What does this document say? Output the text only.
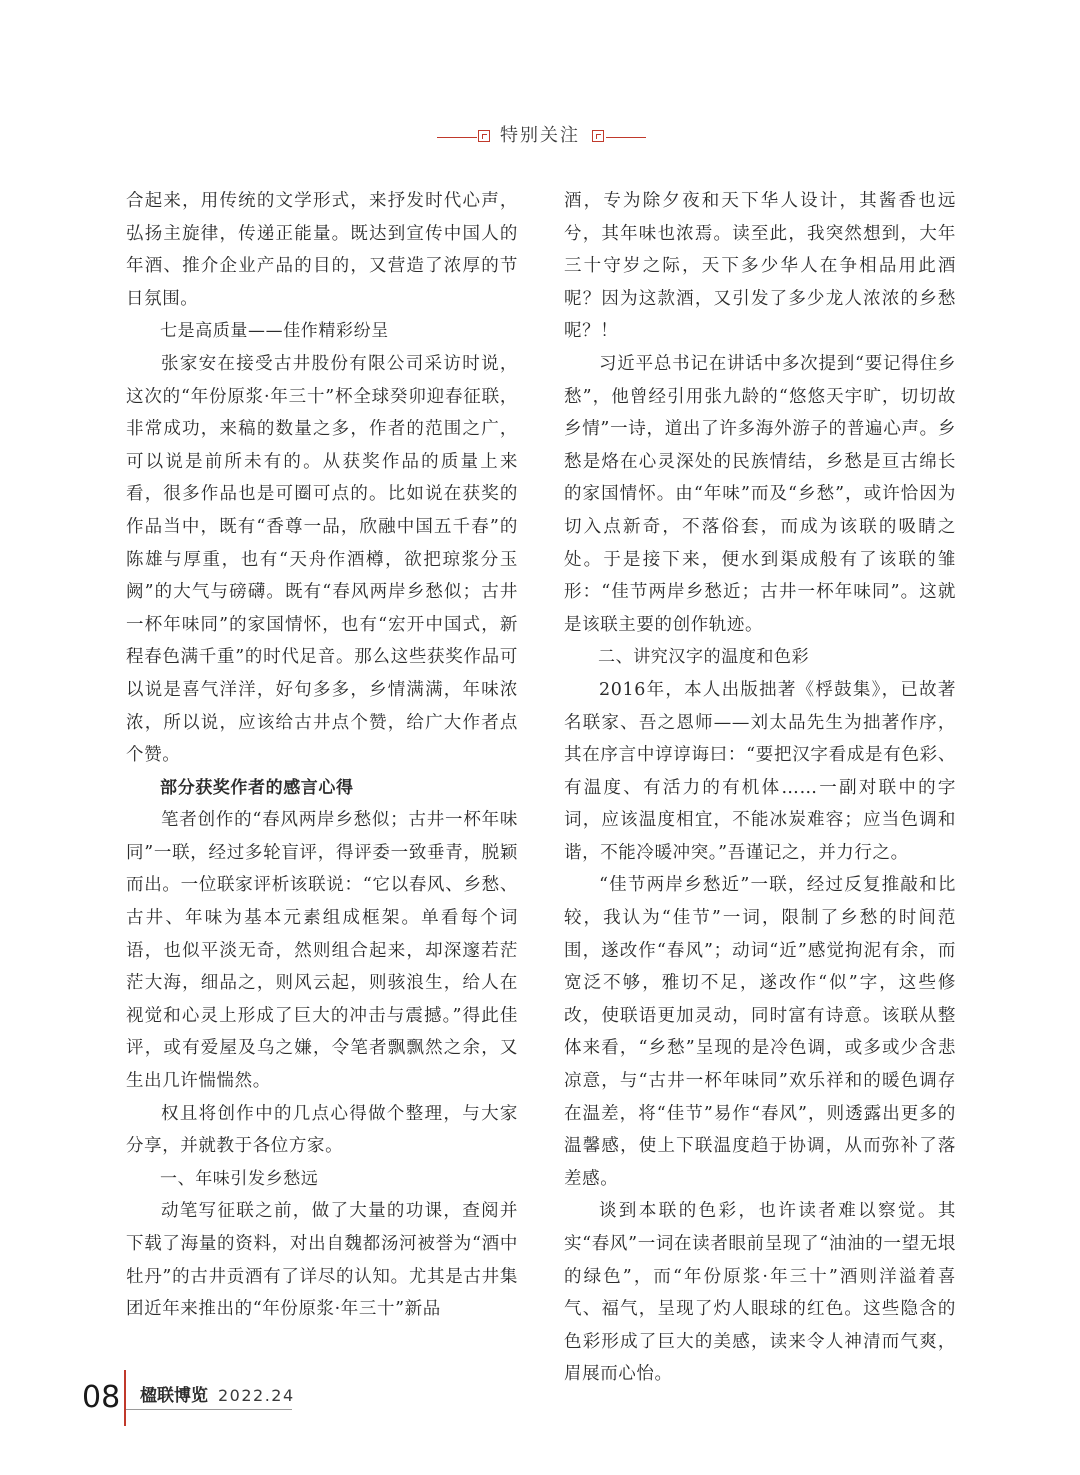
特别关注

合起来，用传统的文学形式，来抒发时代心声，弘扬主旋律，传递正能量。既达到宣传中国人的年酒、推介企业产品的目的，又营造了浓厚的节日氛围。

七是高质量——佳作精彩纷呈

张家安在接受古井股份有限公司采访时说，这次的“年份原浆·年三十”杯全球癸卯迎春征联，非常成功，来稿的数量之多，作者的范围之广，可以说是前所未有的。从获奖作品的质量上来看，很多作品也是可圈可点的。比如说在获奖的作品当中，既有“香尊一品，欣融中国五千春”的陈雄与厚重，也有“天舟作酒樽，欲把琼浆分玉阙”的大气与磅礴。既有“春风两岸乡愁似；古井一杯年味同”的家国情怀，也有“宏开中国式，新程春色满千重”的时代足音。那么这些获奖作品可以说是喜气洋洋，好句多多，乡情满满，年味浓浓，所以说，应该给古井点个赞，给广大作者点个赞。

部分获奖作者的感言心得

笔者创作的“春风两岸乡愁似；古井一杯年味同”一联，经过多轮盲评，得评委一致垂青，脱颖而出。一位联家评析该联说：“它以春风、乡愁、古井、年味为基本元素组成框架。单看每个词语，也似平淡无奇，然则组合起来，却深邃若茫茫大海，细品之，则风云起，则骇浪生，给人在视觉和心灵上形成了巨大的冲击与震撼。”得此佳评，或有爱屋及乌之嫌，令笔者飘飘然之余，又生出几许惴惴然。

权且将创作中的几点心得做个整理，与大家分享，并就教于各位方家。

一、年味引发乡愁远

动笔写征联之前，做了大量的功课，查阅并下载了海量的资料，对出自魏都汤河被誉为“酒中牡丹”的古井贡酒有了详尽的认知。尤其是古井集团近年来推出的“年份原浆·年三十”新品

酒，专为除夕夜和天下华人设计，其酱香也远兮，其年味也浓焉。读至此，我突然想到，大年三十守岁之际，天下多少华人在争相品用此酒呢？因为这款酒，又引发了多少龙人浓浓的乡愁呢？！

习近平总书记在讲话中多次提到“要记得住乡愁”，他曾经引用张九龄的“悠悠天宇旷，切切故乡情”一诗，道出了许多海外游子的普遍心声。乡愁是烙在心灵深处的民族情结，乡愁是亘古绵长的家国情怀。由“年味”而及“乡愁”，或许恰因为切入点新奇，不落俗套，而成为该联的吸睛之处。于是接下来，便水到渠成般有了该联的雏形：“佳节两岸乡愁近；古井一杯年味同”。这就是该联主要的创作轨迹。

二、讲究汉字的温度和色彩

2016年，本人出版拙著《桴鼓集》，已故著名联家、吾之恩师——刘太品先生为拙著作序，其在序言中谆谆诲曰：“要把汉字看成是有色彩、有温度、有活力的有机体……一副对联中的字词，应该温度相宜，不能冰炭难容；应当色调和谐，不能冷暖冲突。”吾谨记之，并力行之。

“佳节两岸乡愁近”一联，经过反复推敲和比较，我认为“佳节”一词，限制了乡愁的时间范围，遂改作“春风”；动词“近”感觉拘泥有余，而宽泛不够，雅切不足，遂改作“似”字，这些修改，使联语更加灵动，同时富有诗意。该联从整体来看，“乡愁”呈现的是冷色调，或多或少含悲凉意，与“古井一杯年味同”欢乐祥和的暖色调存在温差，将“佳节”易作“春风”，则透露出更多的温馨感，使上下联温度趋于协调，从而弥补了落差感。

谈到本联的色彩，也许读者难以察觉。其实“春风”一词在读者眼前呈现了“油油的一望无垠的绿色”，而“年份原浆·年三十”酒则洋溢着喜气、福气，呈现了灼人眼球的红色。这些隐含的色彩形成了巨大的美感，读来令人神清而气爽，眉展而心怡。

08 楹联博览 2022.24
